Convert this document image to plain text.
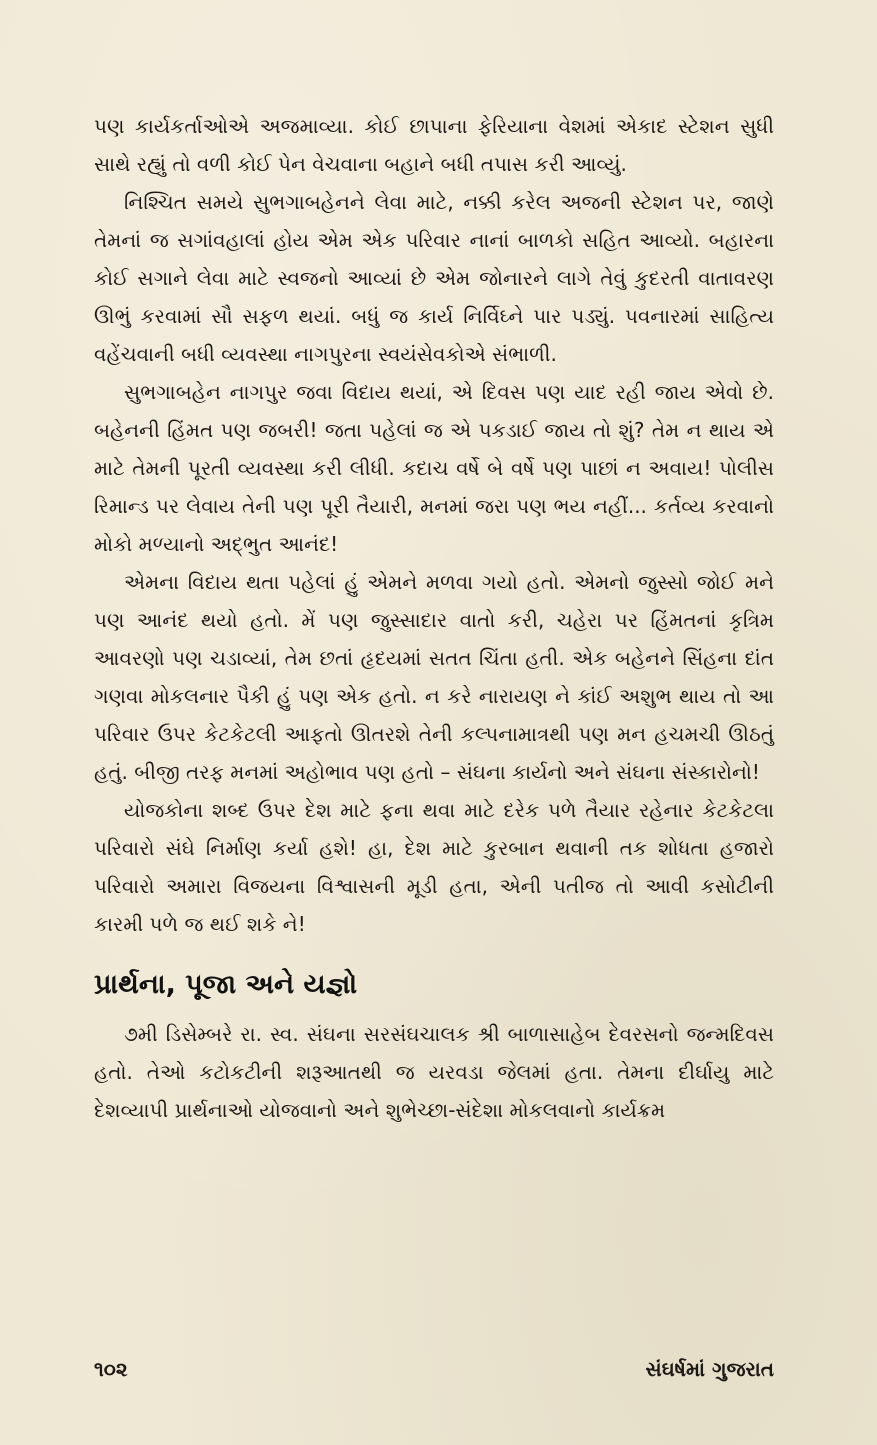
પણ કાર્યકર્તાઓએ અજમાવ્યા. કોઈ છાપાના ફેરિયાના વેશમાં એકાદ સ્ટેશન સુધી સાથે રહ્યું તો વળી કોઈ પેન વેચવાના બહાને બધી તપાસ કરી આવ્યું.

નિશ્ચિત સમયે સુભગાબહેનને લેવા માટે, નક્કી કરેલ અજની સ્ટેશન પર, જાણે તેમનાં જ સગાંવહાલાં હોય એમ એક પરિવાર નાનાં બાળકો સહિત આવ્યો. બહારના કોઈ સગાને લેવા માટે સ્વજનો આવ્યાં છે એમ જોનારને લાગે તેવું કુદરતી વાતાવરણ ઊભું કરવામાં સૌ સફળ થયાં. બધું જ કાર્ય નિર્વિઘ્ને પાર પડ્યું. પવનારમાં સાહિત્ય વહેંચવાની બધી વ્યવસ્થા નાગપુરના સ્વયંસેવકોએ સંભાળી.

સુભગાબહેન નાગપુર જવા વિદાય થયાં, એ દિવસ પણ યાદ રહી જાય એવો છે. બહેનની હિંમત પણ જબરી! જતા પહેલાં જ એ પકડાઈ જાય તો શું? તેમ ન થાય એ માટે તેમની પૂરતી વ્યવસ્થા કરી લીધી. કદાચ વર્ષે બે વર્ષે પણ પાછાં ન અવાય! પોલીસ રિમાન્ડ પર લેવાય તેની પણ પૂરી તૈયારી, મનમાં જરા પણ ભય નહીં... કર્તવ્ય કરવાનો મોકો મળ્યાનો અદ્ભુત આનંદ!

એમના વિદાય થતા પહેલાં હું એમને મળવા ગયો હતો. એમનો જુસ્સો જોઈ મને પણ આનંદ થયો હતો. મેં પણ જુસ્સાદાર વાતો કરી, ચહેરા પર હિંમતનાં કૃત્રિમ આવરણો પણ ચડાવ્યાં, તેમ છતાં હૃદયમાં સતત ચિંતા હતી. એક બહેનને સિંહના દાંત ગણવા મોકલનાર પૈકી હું પણ એક હતો. ન કરે નારાયણ ને કાંઈ અશુભ થાય તો આ પરિવાર ઉપર કેટકેટલી આફતો ઊતરશે તેની કલ્પનામાત્રથી પણ મન હચમચી ઊઠતું હતું. બીજી તરફ મનમાં અહોભાવ પણ હતો – સંઘના કાર્યનો અને સંઘના સંસ્કારોનો!

યોજકોના શબ્દ ઉપર દેશ માટે ફના થવા માટે દરેક પળે તૈયાર રહેનાર કેટકેટલા પરિવારો સંઘે નિર્માણ કર્યા હશે! હા, દેશ માટે કુરબાન થવાની તક શોધતા હજારો પરિવારો અમારા વિજયના વિશ્વાસની મૂડી હતા, એની પતીજ તો આવી કસોટીની કારમી પળે જ થઈ શકે ને!

પ્રાર્થના, પૂજા અને યજ્ઞો

૭મી ડિસેમ્બરે રા. સ્વ. સંઘના સરસંઘચાલક શ્રી બાળાસાહેબ દેવરસનો જન્મદિવસ હતો. તેઓ કટોકટીની શરૂઆતથી જ યરવડા જેલમાં હતા. તેમના દીર્ઘાયુ માટે દેશવ્યાપી પ્રાર્થનાઓ યોજવાનો અને શુભેચ્છા-સંદેશા મોકલવાનો કાર્યક્રમ

૧૦૨	સંઘર્ષમાં ગુજરાત
